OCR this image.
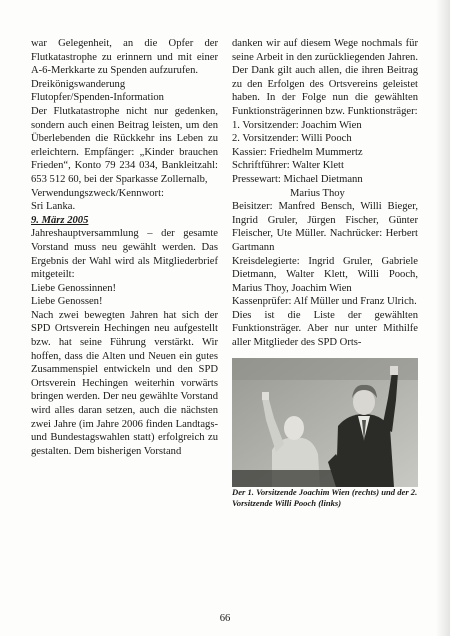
war Gelegenheit, an die Opfer der Flutkatastrophe zu erinnern und mit einer A-6-Merkkarte zu Spenden aufzurufen.

Dreikönigswanderung

Flutopfer/Spenden-Information

Der Flutkatastrophe nicht nur gedenken, sondern auch einen Beitrag leisten, um den Überlebenden die Rückkehr ins Leben zu erleichtern. Empfänger: „Kinder brauchen Frieden“, Konto 79 234 034, Bankleitzahl: 653 512 60, bei der Sparkasse Zollernalb,

Verwendungszweck/Kennwort:

Sri Lanka.

9. März 2005

Jahreshauptversammlung – der gesamte Vorstand muss neu gewählt werden. Das Ergebnis der Wahl wird als Mitgliederbrief mitgeteilt:

Liebe Genossinnen!

Liebe Genossen!

Nach zwei bewegten Jahren hat sich der SPD Ortsverein Hechingen neu aufgestellt bzw. hat seine Führung verstärkt. Wir hoffen, dass die Alten und Neuen ein gutes Zusammenspiel entwickeln und den SPD Ortsverein Hechingen weiterhin vorwärts bringen werden. Der neu gewählte Vorstand wird alles daran setzen, auch die nächsten zwei Jahre (im Jahre 2006 finden Landtags- und Bundestagswahlen statt) erfolgreich zu gestalten. Dem bisherigen Vorstand

danken wir auf diesem Wege nochmals für seine Arbeit in den zurückliegenden Jahren. Der Dank gilt auch allen, die ihren Beitrag zu den Erfolgen des Ortsvereins geleistet haben. In der Folge nun die gewählten Funktionsträgerinnen bzw. Funktionsträger:

1. Vorsitzender: Joachim Wien

2. Vorsitzender: Willi Pooch

Kassier: Friedhelm Mummertz

Schriftführer: Walter Klett

Pressewart: Michael Dietmann

Marius Thoy

Beisitzer: Manfred Bensch, Willi Bieger, Ingrid Gruler, Jürgen Fischer, Günter Fleischer, Ute Müller. Nachrücker: Herbert Gartmann

Kreisdelegierte: Ingrid Gruler, Gabriele Dietmann, Walter Klett, Willi Pooch, Marius Thoy, Joachim Wien

Kassenprüfer: Alf Müller und Franz Ulrich.

Dies ist die Liste der gewählten Funktionsträger. Aber nur unter Mithilfe aller Mitglieder des SPD Orts-

Der 1. Vorsitzende Joachim Wien (rechts) und der 2. Vorsitzende Willi Pooch (links)

66
